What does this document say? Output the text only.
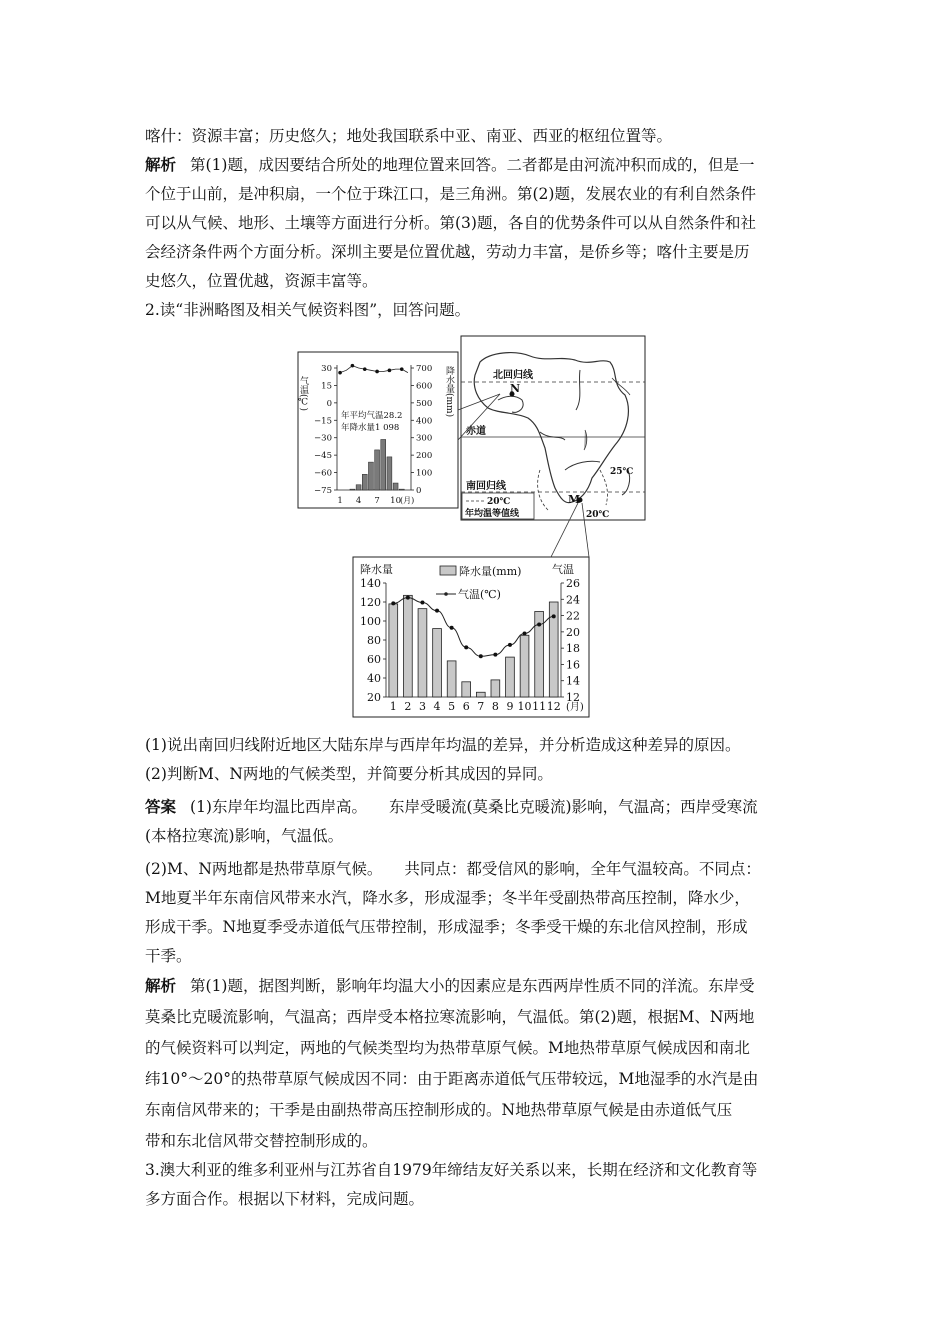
喀什：资源丰富；历史悠久；地处我国联系中亚、南亚、西亚的枢纽位置等。
解析 第(1)题，成因要结合所处的地理位置来回答。二者都是由河流冲积而成的，但是一
个位于山前，是冲积扇，一个位于珠江口，是三角洲。第(2)题，发展农业的有利自然条件
可以从气候、地形、土壤等方面进行分析。第(3)题，各自的优势条件可以从自然条件和社
会经济条件两个方面分析。深圳主要是位置优越，劳动力丰富，是侨乡等；喀什主要是历
史悠久，位置优越，资源丰富等。
2.读“非洲略图及相关气候资料图”，回答问题。
30
15
0
−15
−30
−45
−60
−75
700
600
500
400
300
200
100
0
1 4 7 10
气温(℃)	降水量(mm)
年平均气温28.2
年降水量1 098
(月)
北回归线
赤道
南回归线
25℃
20℃
N
M
20℃
年均温等值线
140
120
100
80
60
40
20
26
24
22
20
18
16
14
12
1 2 3 4 5 6 7 8 9 10 11 12
降水量	气温
降水量(mm)
气温(℃)
(月)
(1)说出南回归线附近地区大陆东岸与西岸年均温的差异，并分析造成这种差异的原因。
(2)判断M、N两地的气候类型，并简要分析其成因的异同。
答案 (1)东岸年均温比西岸高。 东岸受暖流(莫桑比克暖流)影响，气温高；西岸受寒流
(本格拉寒流)影响，气温低。
(2)M、N两地都是热带草原气候。 共同点：都受信风的影响，全年气温较高。不同点：
M地夏半年东南信风带来水汽，降水多，形成湿季；冬半年受副热带高压控制，降水少，
形成干季。N地夏季受赤道低气压带控制，形成湿季；冬季受干燥的东北信风控制，形成
干季。
解析 第(1)题，据图判断，影响年均温大小的因素应是东西两岸性质不同的洋流。东岸受
莫桑比克暖流影响，气温高；西岸受本格拉寒流影响，气温低。第(2)题，根据M、N两地
的气候资料可以判定，两地的气候类型均为热带草原气候。M地热带草原气候成因和南北
纬10°～20°的热带草原气候成因不同：由于距离赤道低气压带较远，M地湿季的水汽是由
东南信风带来的；干季是由副热带高压控制形成的。N地热带草原气候是由赤道低气压
带和东北信风带交替控制形成的。
3.澳大利亚的维多利亚州与江苏省自1979年缔结友好关系以来，长期在经济和文化教育等
多方面合作。根据以下材料，完成问题。
